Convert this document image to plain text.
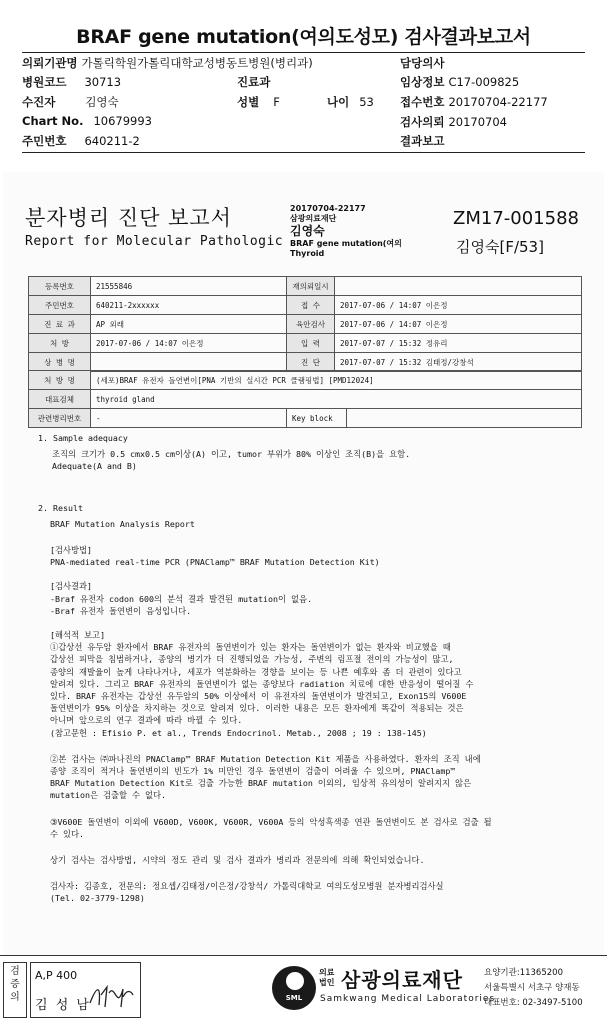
BRAF gene mutation(여의도성모) 검사결과보고서
의뢰기관명 가톨릭학원가톨릭대학교성병동트병원(병리과)	담당의사
병원코드 30713	진료과	임상정보 C17-009825
수진자	김영숙	성별 F	나이 53 접수번호 20170704-22177
Chart No. 10679993	검사의뢰 20170704
주민번호 640211-2	결과보고
분자병리 진단 보고서
Report for Molecular Pathologic
20170704-22177
삼광의료재단
김영숙
BRAF gene mutation(여의
Thyroid
ZM17-001588
김영숙[F/53]
등록번호	21555846	재의뢰일시	
주민번호	640211-2xxxxxx	접 수	2017-07-06 / 14:07 이은정
진 료 과	AP 외래	육안검사	2017-07-06 / 14:07 이은정
처 방	2017-07-06 / 14:07 이은정	입 력	2017-07-07 / 15:32 정유리
상 병 명		진 단	2017-07-07 / 15:32 김태정/강창석
처 방 명	(세포)BRAF 유전자 돌연변이[PNA 기반의 실시간 PCR 클램핑법] [PMD12024]		
대표검체	thyroid gland		
관련병리번호	-	Key block	

1. Sample adequacy

조직의 크기가 0.5 cmx0.5 cm이상(A) 이고, tumor 부위가 80% 이상인 조직(B)을 요함.

Adequate(A and B)

2. Result

BRAF Mutation Analysis Report

[검사방법]

PNA-mediated real-time PCR (PNAClamp™ BRAF Mutation Detection Kit)

[검사결과]

-Braf 유전자 codon 600의 분석 결과 발견된 mutation이 없음.

-Braf 유전자 돌연변이 음성입니다.

[해석적 보고]

①갑상선 유두암 환자에서 BRAF 유전자의 돌연변이가 있는 환자는 돌연변이가 없는 환자와 비교했을 때

갑상선 피막을 침범하거나, 종양의 병기가 더 진행되었을 가능성, 주변의 림프절 전이의 가능성이 많고,

종양의 재발율이 높게 나타나거나, 세포가 역분화하는 경향을 보이는 등 나쁜 예후와 좀 더 관련이 있다고

알려져 있다. 그리고 BRAF 유전자의 돌연변이가 없는 종양보다 radiation 치료에 대한 반응성이 떨어질 수

있다. BRAF 유전자는 갑상선 유두암의 50% 이상에서 이 유전자의 돌연변이가 발견되고, Exon15의 V600E

돌연변이가 95% 이상을 차지하는 것으로 알려져 있다. 이러한 내용은 모든 환자에게 똑같이 적용되는 것은

아니며 앞으로의 연구 결과에 따라 바뀔 수 있다.

(참고문헌 : Efisio P. et al., Trends Endocrinol. Metab., 2008 ; 19 : 138-145)

②본 검사는 ㈜파나진의 PNAClamp™ BRAF Mutation Detection Kit 제품을 사용하였다. 환자의 조직 내에

종양 조직이 적거나 돌연변이의 빈도가 1% 미만인 경우 돌연변이 검출이 어려울 수 있으며, PNAClamp™

BRAF Mutation Detection Kit로 검출 가능한 BRAF mutation 이외의, 임상적 유의성이 알려지지 않은

mutation은 검출할 수 없다.

③V600E 돌연변이 이외에 V600D, V600K, V600R, V600A 등의 악성흑색종 연관 돌연변이도 본 검사로 검출 될

수 있다.

상기 검사는 검사방법, 시약의 정도 관리 및 검사 결과가 병리과 전문의에 의해 확인되었습니다.

검사자: 김종호, 전문의: 정요셉/김태정/이은정/강창석/ 가톨릭대학교 여의도성모병원 분자병리검사실

(Tel. 02-3779-1298)

검
증
의
A,P 400
김 성 남	SML
의료
법인 삼광의료재단
Samkwang Medical Laboratories
요양기관:11365200
서울특별시 서초구 양재동
대표번호: 02-3497-5100
